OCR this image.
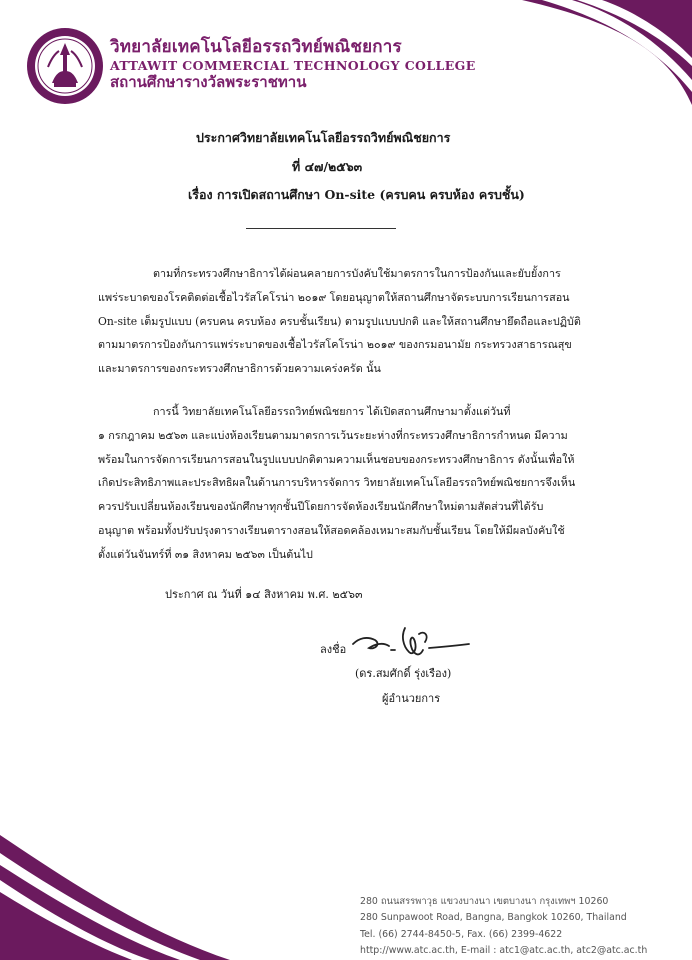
วิทยาลัยเทคโนโลยีอรรถวิทย์พณิชยการ
ATTAWIT COMMERCIAL TECHNOLOGY COLLEGE
สถานศึกษารางวัลพระราชทาน
ประกาศวิทยาลัยเทคโนโลยีอรรถวิทย์พณิชยการ
ที่ ๔๗/๒๕๖๓
เรื่อง การเปิดสถานศึกษา On-site (ครบคน ครบห้อง ครบชั้น)
ตามที่กระทรวงศึกษาธิการได้ผ่อนคลายการบังคับใช้มาตรการในการป้องกันและยับยั้งการ
แพร่ระบาดของโรคติดต่อเชื้อไวรัสโคโรน่า ๒๐๑๙ โดยอนุญาตให้สถานศึกษาจัดระบบการเรียนการสอน
On-site เต็มรูปแบบ (ครบคน ครบห้อง ครบชั้นเรียน) ตามรูปแบบปกติ และให้สถานศึกษายึดถือและปฏิบัติ
ตามมาตรการป้องกันการแพร่ระบาดของเชื้อไวรัสโคโรน่า ๒๐๑๙ ของกรมอนามัย กระทรวงสาธารณสุข
และมาตรการของกระทรวงศึกษาธิการด้วยความเคร่งครัด นั้น
การนี้ วิทยาลัยเทคโนโลยีอรรถวิทย์พณิชยการ ได้เปิดสถานศึกษามาตั้งแต่วันที่
๑ กรกฎาคม ๒๕๖๓ และแบ่งห้องเรียนตามมาตรการเว้นระยะห่างที่กระทรวงศึกษาธิการกำหนด มีความ
พร้อมในการจัดการเรียนการสอนในรูปแบบปกติตามความเห็นชอบของกระทรวงศึกษาธิการ ดังนั้นเพื่อให้
เกิดประสิทธิภาพและประสิทธิผลในด้านการบริหารจัดการ วิทยาลัยเทคโนโลยีอรรถวิทย์พณิชยการจึงเห็น
ควรปรับเปลี่ยนห้องเรียนของนักศึกษาทุกชั้นปีโดยการจัดห้องเรียนนักศึกษาใหม่ตามสัดส่วนที่ได้รับ
อนุญาต พร้อมทั้งปรับปรุงตารางเรียนตารางสอนให้สอดคล้องเหมาะสมกับชั้นเรียน โดยให้มีผลบังคับใช้
ตั้งแต่วันจันทร์ที่ ๓๑ สิงหาคม ๒๕๖๓ เป็นต้นไป
ประกาศ ณ วันที่ ๑๔ สิงหาคม พ.ศ. ๒๕๖๓
ลงชื่อ
(ดร.สมศักดิ์ รุ่งเรือง)
ผู้อำนวยการ
280 ถนนสรรพาวุธ แขวงบางนา เขตบางนา กรุงเทพฯ 10260
280 Sunpawoot Road, Bangna, Bangkok 10260, Thailand
Tel. (66) 2744-8450-5, Fax. (66) 2399-4622
http://www.atc.ac.th, E-mail : atc1@atc.ac.th, atc2@atc.ac.th
